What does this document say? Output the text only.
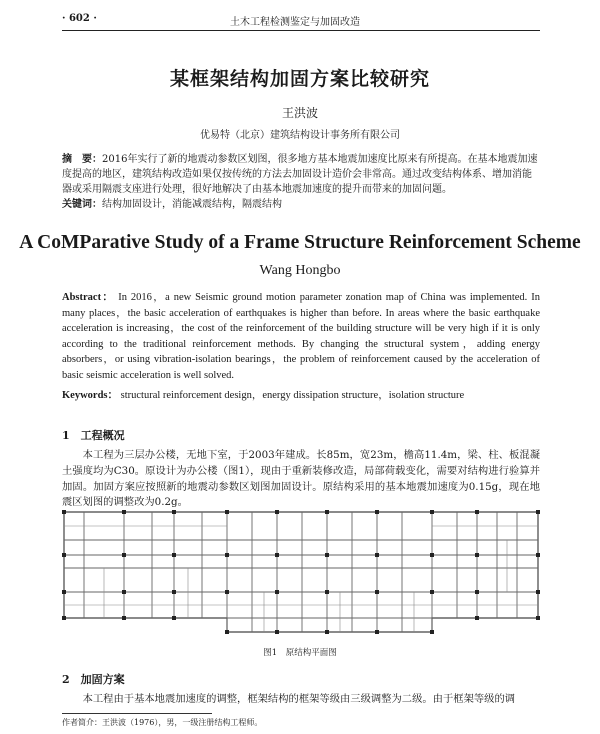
· 602 ·	土木工程检测鉴定与加固改造
某框架结构加固方案比较研究
王洪波
优易特（北京）建筑结构设计事务所有限公司
摘　要：2016年实行了新的地震动参数区划图，很多地方基本地震加速度比原来有所提高。在基本地震加速度提高的地区，建筑结构改造如果仅按传统的方法去加固设计造价会非常高。通过改变结构体系、增加消能器或采用隔震支座进行处理，很好地解决了由基本地震加速度的提升而带来的加固问题。
关键词：结构加固设计，消能减震结构，隔震结构
A CoMParative Study of a Frame Structure Reinforcement Scheme
Wang Hongbo
Abstract： In 2016，a new Seismic ground motion parameter zonation map of China was implemented. In many places，the basic acceleration of earthquakes is higher than before. In areas where the basic earthquake acceleration is increasing，the cost of the reinforcement of the building structure will be very high if it is only according to the traditional reinforcement methods. By changing the structural system，adding energy absorbers，or using vibration-isolation bearings，the problem of reinforcement caused by the acceleration of basic seismic acceleration is well solved.
Keywords： structural reinforcement design，energy dissipation structure，isolation structure
1　工程概况
本工程为三层办公楼，无地下室，于2003年建成。长85m，宽23m，檐高11.4m，梁、柱、板混凝土强度均为C30。原设计为办公楼（图1），现由于重新装修改造，局部荷载变化，需要对结构进行验算并加固。加固方案应按照新的地震动参数区划图加固设计。原结构采用的基本地震加速度为0.15g，现在地震区划图的调整改为0.2g。
图1　原结构平面图
2　加固方案
本工程由于基本地震加速度的调整，框架结构的框架等级由三级调整为二级。由于框架等级的调
作者简介：王洪波（1976），男，一级注册结构工程师。
